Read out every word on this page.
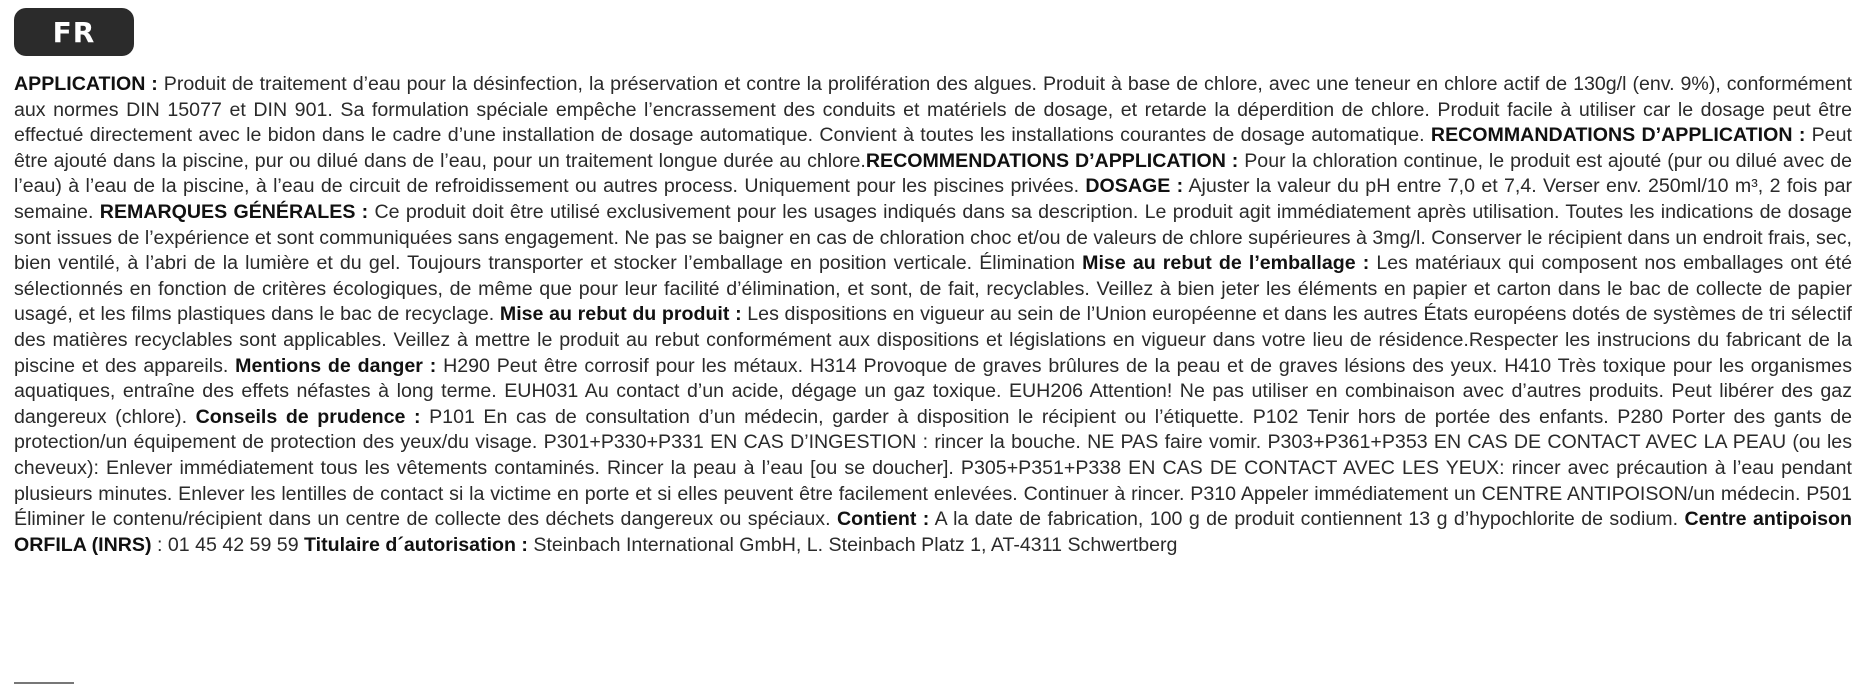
FR

APPLICATION : Produit de traitement d’eau pour la désinfection, la préservation et contre la prolifération des algues. Produit à base de chlore, avec une teneur en chlore actif de 130g/l (env. 9%), conformément aux normes DIN 15077 et DIN 901. Sa formulation spéciale empêche l’encrassement des conduits et matériels de dosage, et retarde la déperdition de chlore. Produit facile à utiliser car le dosage peut être effectué directement avec le bidon dans le cadre d’une installation de dosage automatique. Convient à toutes les installations courantes de dosage automatique. RECOMMANDATIONS D’APPLICATION : Peut être ajouté dans la piscine, pur ou dilué dans de l’eau, pour un traitement longue durée au chlore.RECOMMENDATIONS D’APPLICATION : Pour la chloration continue, le produit est ajouté (pur ou dilué avec de l’eau) à l’eau de la piscine, à l’eau de circuit de refroidissement ou autres process. Uniquement pour les piscines privées. DOSAGE : Ajuster la valeur du pH entre 7,0 et 7,4. Verser env. 250ml/10 m³, 2 fois par semaine. REMARQUES GÉNÉRALES : Ce produit doit être utilisé exclusivement pour les usages indiqués dans sa description. Le produit agit immédiatement après utilisation. Toutes les indications de dosage sont issues de l’expérience et sont communiquées sans engagement. Ne pas se baigner en cas de chloration choc et/ou de valeurs de chlore supérieures à 3mg/l. Conserver le récipient dans un endroit frais, sec, bien ventilé, à l’abri de la lumière et du gel. Toujours transporter et stocker l’emballage en position verticale. Élimination Mise au rebut de l’emballage : Les matériaux qui composent nos emballages ont été sélectionnés en fonction de critères écologiques, de même que pour leur facilité d’élimination, et sont, de fait, recyclables. Veillez à bien jeter les éléments en papier et carton dans le bac de collecte de papier usagé, et les films plastiques dans le bac de recyclage. Mise au rebut du produit : Les dispositions en vigueur au sein de l’Union européenne et dans les autres États européens dotés de systèmes de tri sélectif des matières recyclables sont applicables. Veillez à mettre le produit au rebut conformément aux dispositions et législations en vigueur dans votre lieu de résidence.Respecter les instrucions du fabricant de la piscine et des appareils. Mentions de danger : H290 Peut être corrosif pour les métaux. H314 Provoque de graves brûlures de la peau et de graves lésions des yeux. H410 Très toxique pour les organismes aquatiques, entraîne des effets néfastes à long terme. EUH031 Au contact d’un acide, dégage un gaz toxique. EUH206 Attention! Ne pas utiliser en combinaison avec d’autres produits. Peut libérer des gaz dangereux (chlore). Conseils de prudence : P101 En cas de consultation d’un médecin, garder à disposition le récipient ou l’étiquette. P102 Tenir hors de portée des enfants. P280 Porter des gants de protection/un équipement de protection des yeux/du visage. P301+P330+P331 EN CAS D’INGESTION : rincer la bouche. NE PAS faire vomir. P303+P361+P353 EN CAS DE CONTACT AVEC LA PEAU (ou les cheveux): Enlever immédiatement tous les vêtements contaminés. Rincer la peau à l’eau [ou se doucher]. P305+P351+P338 EN CAS DE CONTACT AVEC LES YEUX: rincer avec précaution à l’eau pendant plusieurs minutes. Enlever les lentilles de contact si la victime en porte et si elles peuvent être facilement enlevées. Continuer à rincer. P310 Appeler immédiatement un CENTRE ANTIPOISON/un médecin. P501 Éliminer le contenu/récipient dans un centre de collecte des déchets dangereux ou spéciaux. Contient : A la date de fabrication, 100 g de produit contiennent 13 g d’hypochlorite de sodium. Centre antipoison ORFILA (INRS) : 01 45 42 59 59 Titulaire d´autorisation : Steinbach International GmbH, L. Steinbach Platz 1, AT-4311 Schwertberg
